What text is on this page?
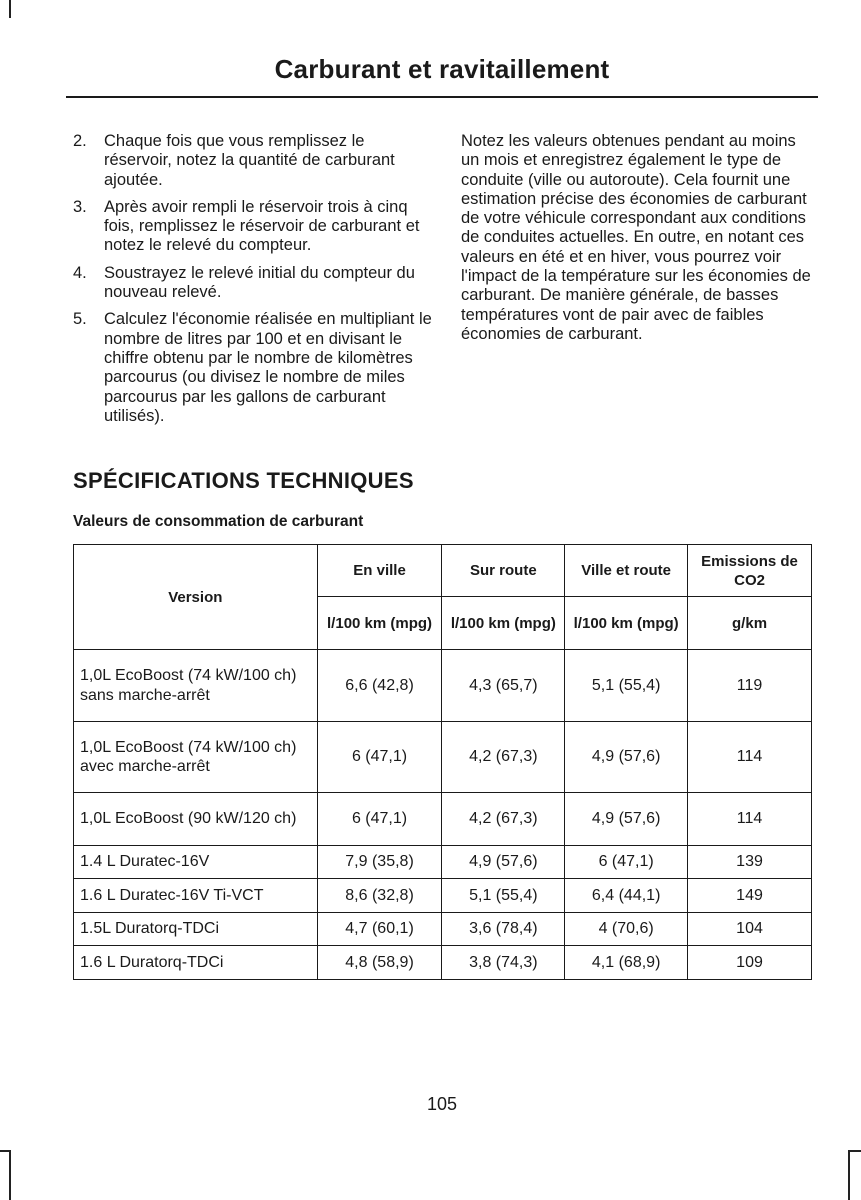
Carburant et ravitaillement
2.	Chaque fois que vous remplissez le réservoir, notez la quantité de carburant ajoutée.
3.	Après avoir rempli le réservoir trois à cinq fois, remplissez le réservoir de carburant et notez le relevé du compteur.
4.	Soustrayez le relevé initial du compteur du nouveau relevé.
5.	Calculez l'économie réalisée en multipliant le nombre de litres par 100 et en divisant le chiffre obtenu par le nombre de kilomètres parcourus (ou divisez le nombre de miles parcourus par les gallons de carburant utilisés).
Notez les valeurs obtenues pendant au moins un mois et enregistrez également le type de conduite (ville ou autoroute). Cela fournit une estimation précise des économies de carburant de votre véhicule correspondant aux conditions de conduites actuelles. En outre, en notant ces valeurs en été et en hiver, vous pourrez voir l'impact de la température sur les économies de carburant. De manière générale, de basses températures vont de pair avec de faibles économies de carburant.
SPÉCIFICATIONS TECHNIQUES
Valeurs de consommation de carburant
Version	En ville	Sur route	Ville et route	Emissions de CO2
	l/100 km (mpg)	l/100 km (mpg)	l/100 km (mpg)	g/km
1,0L EcoBoost (74 kW/100 ch) sans marche-arrêt	6,6 (42,8)	4,3 (65,7)	5,1 (55,4)	119
1,0L EcoBoost (74 kW/100 ch) avec marche-arrêt	6 (47,1)	4,2 (67,3)	4,9 (57,6)	114
1,0L EcoBoost (90 kW/120 ch)	6 (47,1)	4,2 (67,3)	4,9 (57,6)	114
1.4 L Duratec-16V	7,9 (35,8)	4,9 (57,6)	6 (47,1)	139
1.6 L Duratec-16V Ti-VCT	8,6 (32,8)	5,1 (55,4)	6,4 (44,1)	149
1.5L Duratorq-TDCi	4,7 (60,1)	3,6 (78,4)	4 (70,6)	104
1.6 L Duratorq-TDCi	4,8 (58,9)	3,8 (74,3)	4,1 (68,9)	109
105
